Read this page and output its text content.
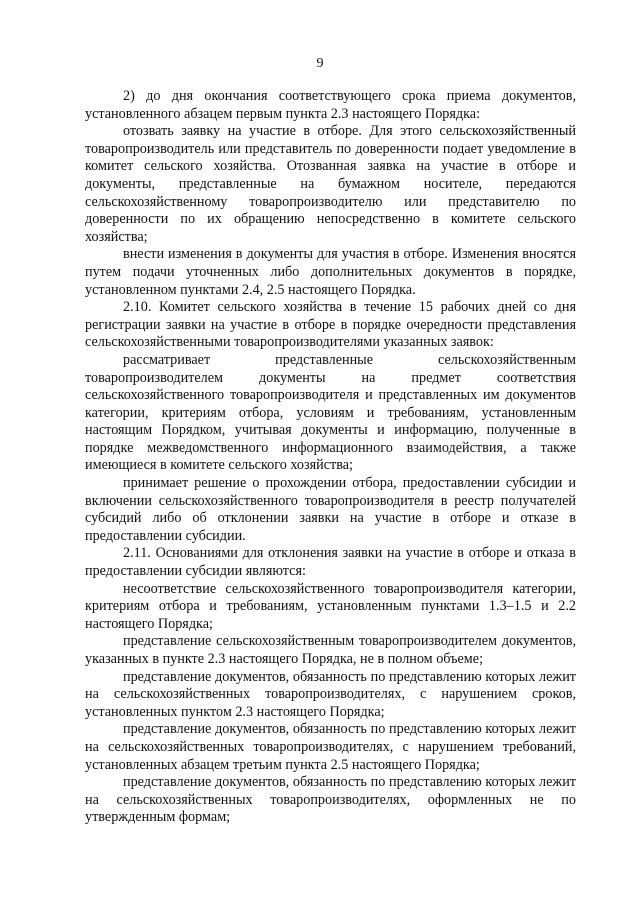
9

2) до дня окончания соответствующего срока приема документов, установленного абзацем первым пункта 2.3 настоящего Порядка:

отозвать заявку на участие в отборе. Для этого сельскохозяйственный товаропроизводитель или представитель по доверенности подает уведомление в комитет сельского хозяйства. Отозванная заявка на участие в отборе и документы, представленные на бумажном носителе, передаются сельскохозяйственному товаропроизводителю или представителю по доверенности по их обращению непосредственно в комитете сельского хозяйства;

внести изменения в документы для участия в отборе. Изменения вносятся путем подачи уточненных либо дополнительных документов в порядке, установленном пунктами 2.4, 2.5 настоящего Порядка.

2.10. Комитет сельского хозяйства в течение 15 рабочих дней со дня регистрации заявки на участие в отборе в порядке очередности представления сельскохозяйственными товаропроизводителями указанных заявок:

рассматривает представленные сельскохозяйственным товаропроизводителем документы на предмет соответствия сельскохозяйственного товаропроизводителя и представленных им документов категории, критериям отбора, условиям и требованиям, установленным настоящим Порядком, учитывая документы и информацию, полученные в порядке межведомственного информационного взаимодействия, а также имеющиеся в комитете сельского хозяйства;

принимает решение о прохождении отбора, предоставлении субсидии и включении сельскохозяйственного товаропроизводителя в реестр получателей субсидий либо об отклонении заявки на участие в отборе и отказе в предоставлении субсидии.

2.11. Основаниями для отклонения заявки на участие в отборе и отказа в предоставлении субсидии являются:

несоответствие сельскохозяйственного товаропроизводителя категории, критериям отбора и требованиям, установленным пунктами 1.3–1.5 и 2.2 настоящего Порядка;

представление сельскохозяйственным товаропроизводителем документов, указанных в пункте 2.3 настоящего Порядка, не в полном объеме;

представление документов, обязанность по представлению которых лежит на сельскохозяйственных товаропроизводителях, с нарушением сроков, установленных пунктом 2.3 настоящего Порядка;

представление документов, обязанность по представлению которых лежит на сельскохозяйственных товаропроизводителях, с нарушением требований, установленных абзацем третьим пункта 2.5 настоящего Порядка;

представление документов, обязанность по представлению которых лежит на сельскохозяйственных товаропроизводителях, оформленных не по утвержденным формам;
